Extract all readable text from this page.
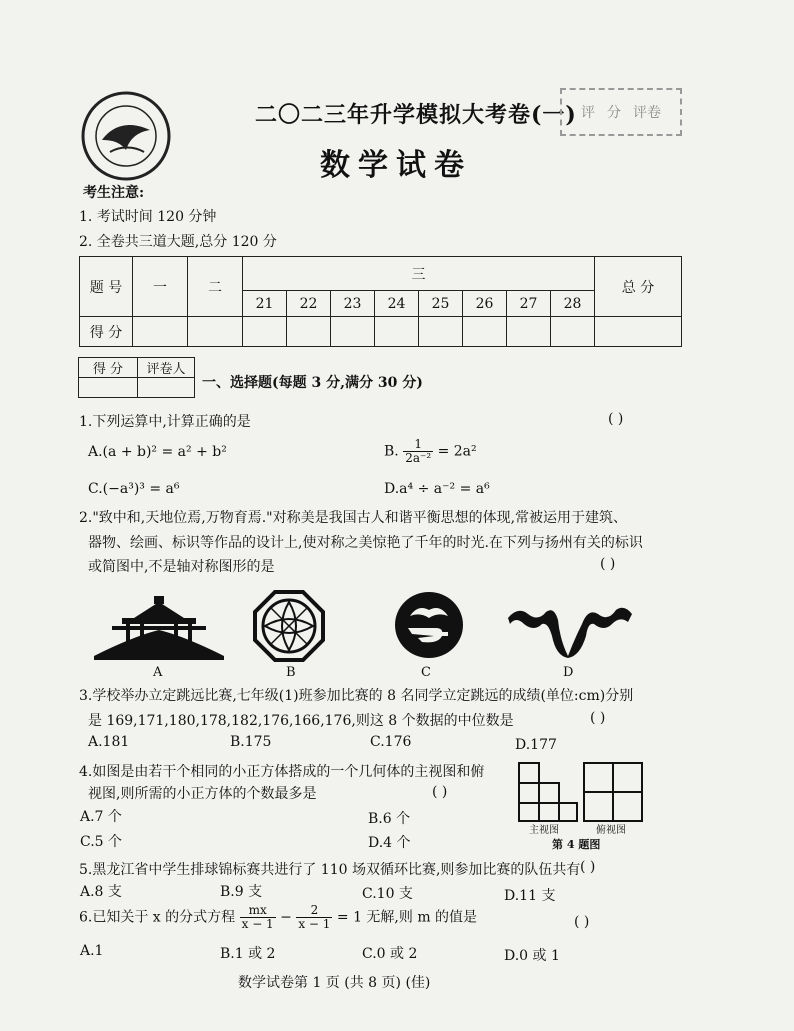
二〇二三年升学模拟大考卷(一)
数学试卷
评 分 评卷
考生注意:
1. 考试时间 120 分钟
2. 全卷共三道大题,总分 120 分
题 号	一	二	三								总 分
			21	22	23	24	25	26	27	28	
得 分											
得 分	评卷人

一、选择题(每题 3 分,满分 30 分)
1.下列运算中,计算正确的是	( )
A.(a + b)² = a² + b²	B. $\frac{1}{\text{2a⁻²}} = 2a^2$
C.(−a³)³ = a⁶	D.a⁴ ÷ a⁻² = a⁶
2."致中和,天地位焉,万物育焉."对称美是我国古人和谐平衡思想的体现,常被运用于建筑、
器物、绘画、标识等作品的设计上,使对称之美惊艳了千年的时光.在下列与扬州有关的标识
或简图中,不是轴对称图形的是	( )
A	B	C	D
3.学校举办立定跳远比赛,七年级(1)班参加比赛的 8 名同学立定跳远的成绩(单位:cm)分别
是 169,171,180,178,182,176,166,176,则这 8 个数据的中位数是	( )
A.181	B.175	C.176	D.177
4.如图是由若干个相同的小正方体搭成的一个几何体的主视图和俯
视图,则所需的小正方体的个数最多是	( )
A.7 个	B.6 个
C.5 个	D.4 个
主视图	俯视图
第 4 题图
5.黑龙江省中学生排球锦标赛共进行了 110 场双循环比赛,则参加比赛的队伍共有 ( )
A.8 支	B.9 支	C.10 支	D.11 支
6.已知关于 x 的分式方程 $\frac{mx}{x - 1} - \frac{2}{x - 1} = 1$ 无解,则 m 的值是	( )
A.1	B.1 或 2	C.0 或 2	D.0 或 1
数学试卷第 1 页 (共 8 页) (佳)
